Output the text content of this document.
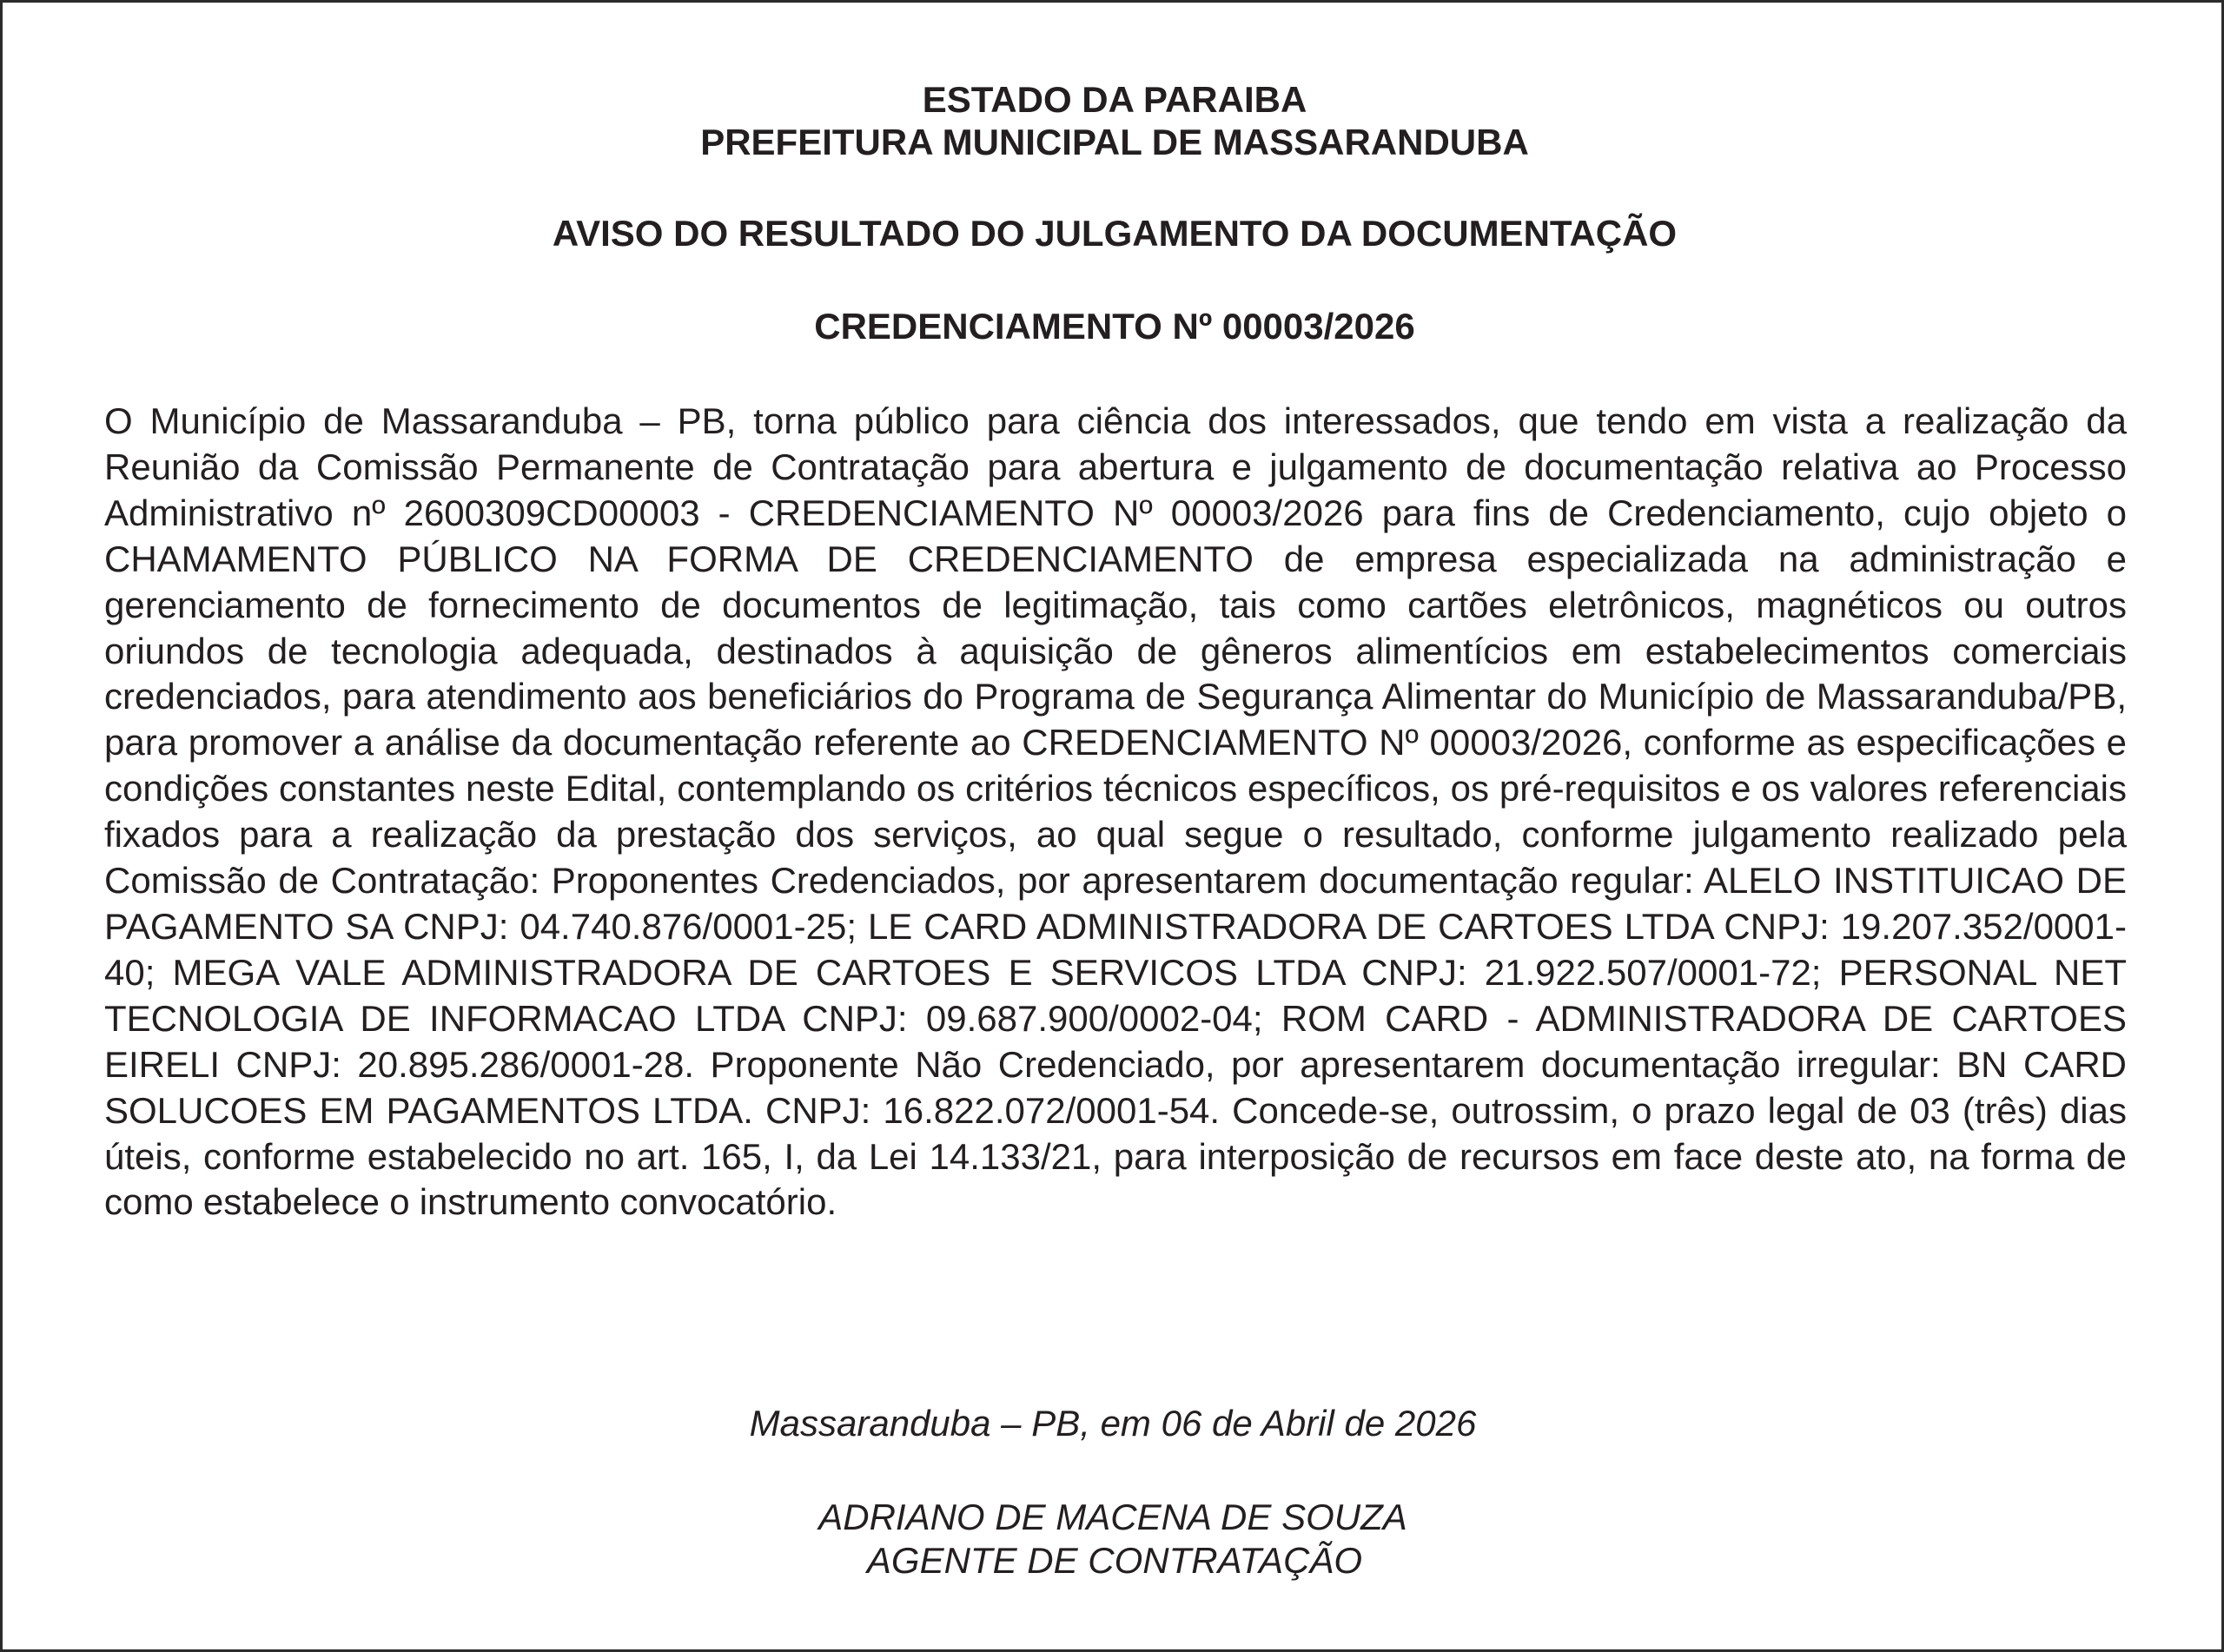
ESTADO DA PARAIBA
PREFEITURA MUNICIPAL DE MASSARANDUBA
AVISO DO RESULTADO DO JULGAMENTO DA DOCUMENTAÇÃO
CREDENCIAMENTO Nº 00003/2026
O Município de Massaranduba – PB, torna público para ciência dos interessados, que tendo em vista a realização da Reunião da Comissão Permanente de Contratação para abertura e julgamento de documentação relativa ao Processo Administrativo nº 2600309CD00003 - CREDENCIAMENTO Nº 00003/2026 para fins de Credenciamento, cujo objeto o CHAMAMENTO PÚBLICO NA FORMA DE CREDENCIAMENTO de empresa especializada na administração e gerenciamento de fornecimento de documentos de legitimação, tais como cartões eletrônicos, magnéticos ou outros oriundos de tecnologia adequada, destinados à aquisição de gêneros alimentícios em estabelecimentos comerciais credenciados, para atendimento aos beneficiários do Programa de Segurança Alimentar do Município de Massaranduba/PB, para promover a análise da documentação referente ao CREDENCIAMENTO Nº 00003/2026, conforme as especificações e condições constantes neste Edital, contemplando os critérios técnicos específicos, os pré-requisitos e os valores referenciais fixados para a realização da prestação dos serviços, ao qual segue o resultado, conforme julgamento realizado pela Comissão de Contratação: Proponentes Credenciados, por apresentarem documentação regular: ALELO INSTITUICAO DE PAGAMENTO SA CNPJ: 04.740.876/0001-25; LE CARD ADMINISTRADORA DE CARTOES LTDA CNPJ: 19.207.352/0001-40; MEGA VALE ADMINISTRADORA DE CARTOES E SERVICOS LTDA CNPJ: 21.922.507/0001-72; PERSONAL NET TECNOLOGIA DE INFORMACAO LTDA CNPJ: 09.687.900/0002-04; ROM CARD - ADMINISTRADORA DE CARTOES EIRELI CNPJ: 20.895.286/0001-28. Proponente Não Credenciado, por apresentarem documentação irregular: BN CARD SOLUCOES EM PAGAMENTOS LTDA. CNPJ: 16.822.072/0001-54. Concede-se, outrossim, o prazo legal de 03 (três) dias úteis, conforme estabelecido no art. 165, I, da Lei 14.133/21, para interposição de recursos em face deste ato, na forma de como estabelece o instrumento convocatório.
Massaranduba – PB, em 06 de Abril de 2026
ADRIANO DE MACENA DE SOUZA
AGENTE DE CONTRATAÇÃO
